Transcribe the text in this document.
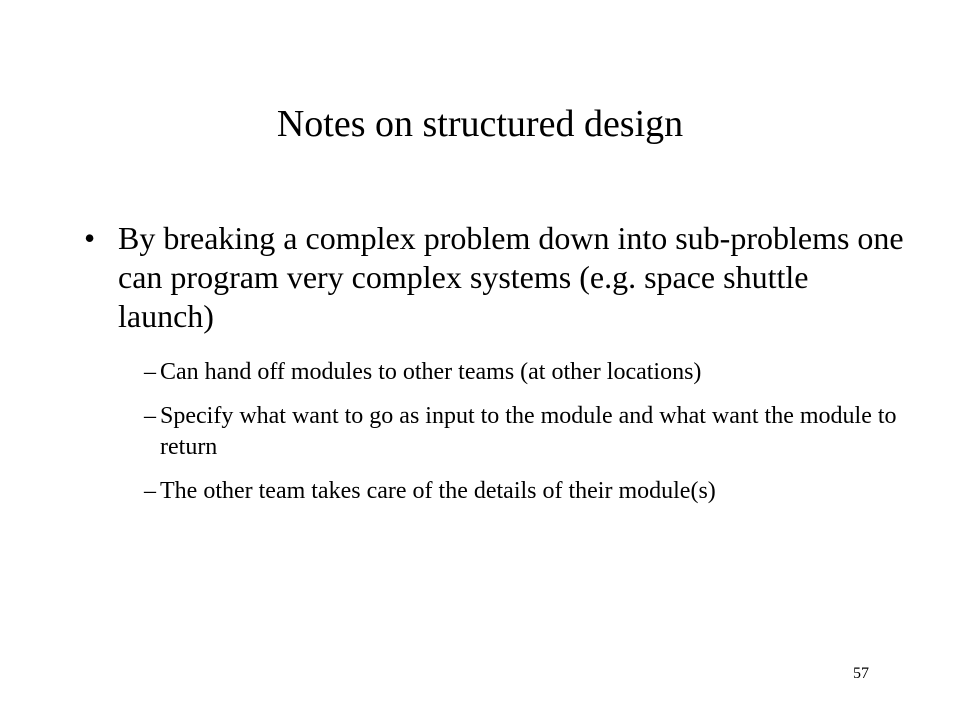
Notes on structured design

• By breaking a complex problem down into sub-problems one can program very complex systems (e.g. space shuttle launch)

– Can hand off modules to other teams (at other locations)

– Specify what want to go as input to the module and what want the module to return

– The other team takes care of the details of their module(s)

57
